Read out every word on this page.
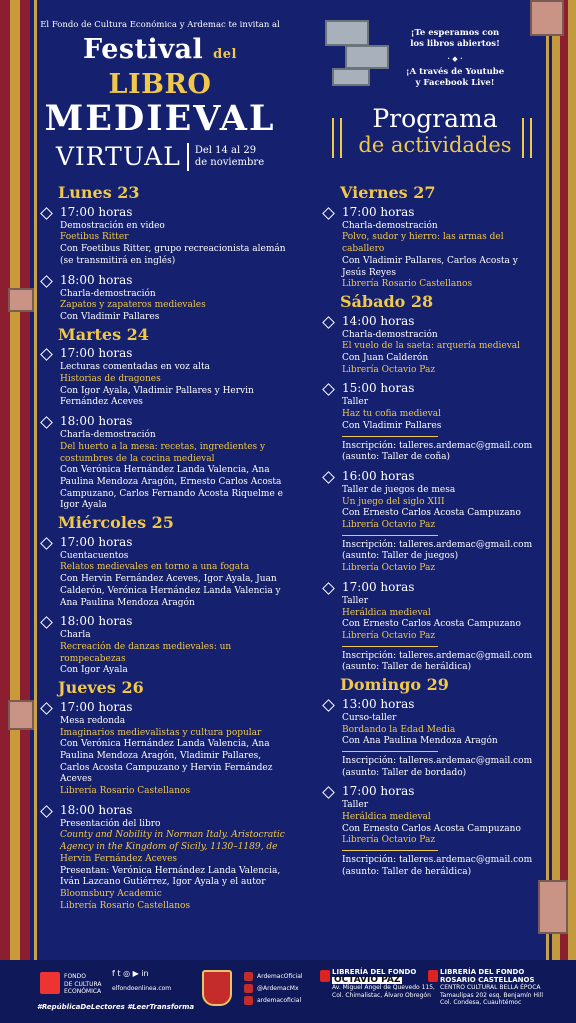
El Fondo de Cultura Económica y Ardemac te invitan al
Festival del LIBRO
MEDIEVAL
VIRTUAL Del 14 al 29
de noviembre
¡Te esperamos con
los libros abiertos!
· ◆ ·
¡A través de Youtube
y Facebook Live!
Programa
de actividades
Lunes 23
17:00 horas
Demostración en video
Foetibus Ritter
Con Foetibus Ritter, grupo recreacionista alemán (se transmitirá en inglés)
18:00 horas
Charla-demostración
Zapatos y zapateros medievales
Con Vladimir Pallares
Martes 24
17:00 horas
Lecturas comentadas en voz alta
Historias de dragones
Con Igor Ayala, Vladimir Pallares y Hervin Fernández Aceves
18:00 horas
Charla-demostración
Del huerto a la mesa: recetas, ingredientes y costumbres de la cocina medieval
Con Verónica Hernández Landa Valencia, Ana Paulina Mendoza Aragón, Ernesto Carlos Acosta Campuzano, Carlos Fernando Acosta Riquelme e Igor Ayala
Miércoles 25
17:00 horas
Cuentacuentos
Relatos medievales en torno a una fogata
Con Hervin Fernández Aceves, Igor Ayala, Juan Calderón, Verónica Hernández Landa Valencia y Ana Paulina Mendoza Aragón
18:00 horas
Charla
Recreación de danzas medievales: un rompecabezas
Con Igor Ayala
Jueves 26
17:00 horas
Mesa redonda
Imaginarios medievalistas y cultura popular
Con Verónica Hernández Landa Valencia, Ana Paulina Mendoza Aragón, Vladimir Pallares, Carlos Acosta Campuzano y Hervin Fernández Aceves
Librería Rosario Castellanos
18:00 horas
Presentación del libro
County and Nobility in Norman Italy. Aristocratic Agency in the Kingdom of Sicily, 1130–1189, de
Hervin Fernández Aceves
Presentan: Verónica Hernández Landa Valencia, Iván Lazcano Gutiérrez, Igor Ayala y el autor
Bloomsbury Academic
Librería Rosario Castellanos
Viernes 27
17:00 horas
Charla-demostración
Polvo, sudor y hierro: las armas del caballero
Con Vladimir Pallares, Carlos Acosta y Jesús Reyes
Librería Rosario Castellanos
Sábado 28
14:00 horas
Charla-demostración
El vuelo de la saeta: arquería medieval
Con Juan Calderón
Librería Octavio Paz
15:00 horas
Taller
Haz tu cofia medieval
Con Vladimir Pallares
Inscripción: talleres.ardemac@gmail.com
(asunto: Taller de coña)
16:00 horas
Taller de juegos de mesa
Un juego del siglo XIII
Con Ernesto Carlos Acosta Campuzano
Librería Octavio Paz
Inscripción: talleres.ardemac@gmail.com
(asunto: Taller de juegos)
Librería Octavio Paz
17:00 horas
Taller
Heráldica medieval
Con Ernesto Carlos Acosta Campuzano
Librería Octavio Paz
Inscripción: talleres.ardemac@gmail.com
(asunto: Taller de heráldica)
Domingo 29
13:00 horas
Curso-taller
Bordando la Edad Media
Con Ana Paulina Mendoza Aragón
Inscripción: talleres.ardemac@gmail.com
(asunto: Taller de bordado)
17:00 horas
Taller
Heráldica medieval
Con Ernesto Carlos Acosta Campuzano
Librería Octavio Paz
Inscripción: talleres.ardemac@gmail.com
(asunto: Taller de heráldica)
FONDO
DE CULTURA
ECONÓMICA
f t ◎ ▶ in
elfondoenlinea.com
#RepúblicaDeLectores #LeerTransforma
ArdemacOficial
@ArdemacMx
ardemacoficial
LIBRERÍA DEL FONDO
OCTAVIO PAZ
Av. Miguel Ángel de Quevedo 115,
Col. Chimalistac, Álvaro Obregón
LIBRERÍA DEL FONDO
ROSARIO CASTELLANOS
CENTRO CULTURAL BELLA ÉPOCA
Tamaulipas 202 esq. Benjamín Hill
Col. Condesa, Cuauhtémoc
